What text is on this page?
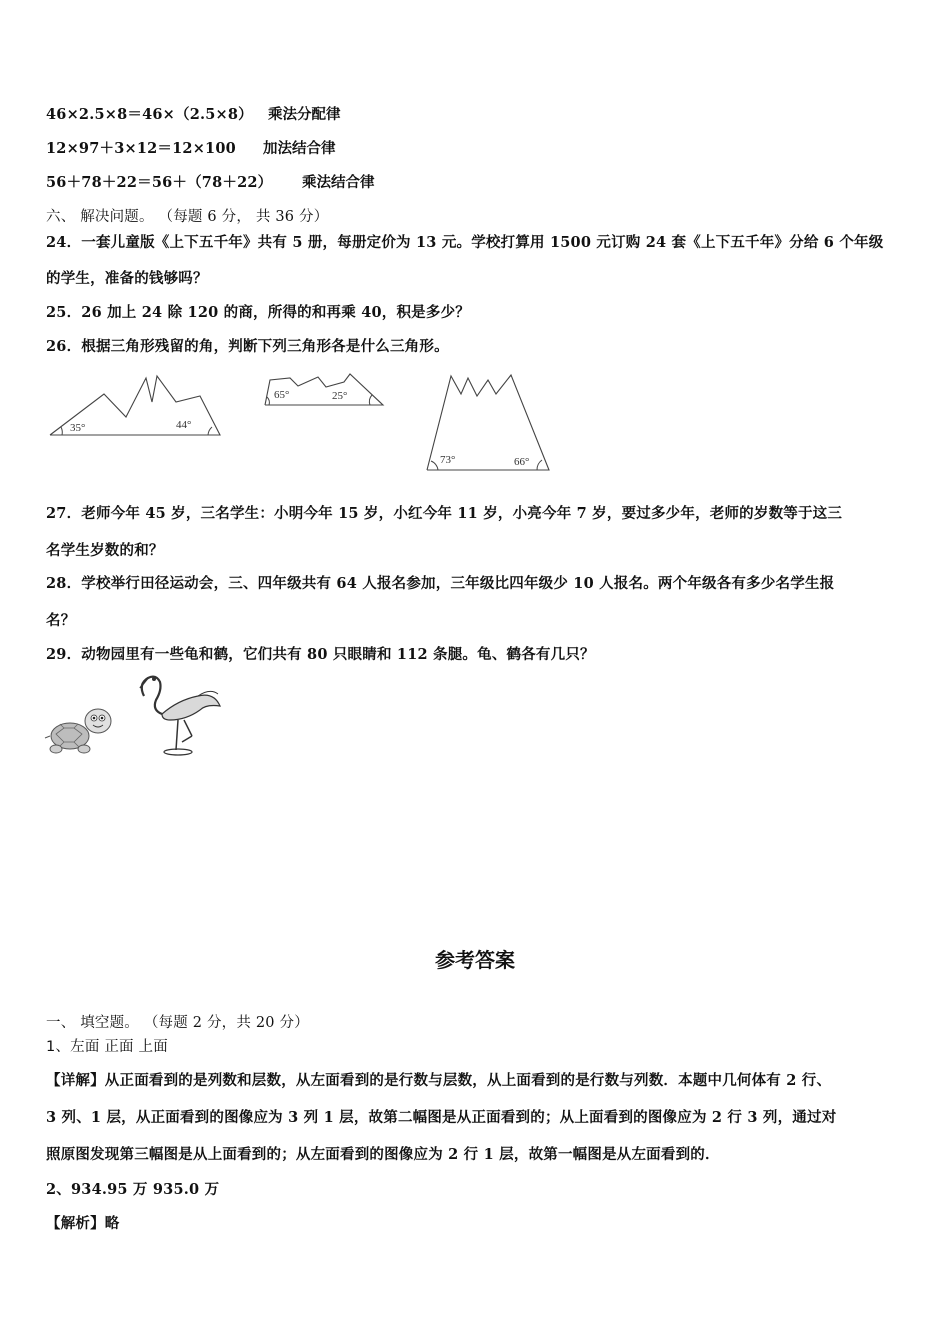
46×2.5×8＝46×（2.5×8） 乘法分配律
12×97＋3×12＝12×100 加法结合律
56＋78＋22＝56＋（78＋22） 乘法结合律
六、 解决问题。 （每题 6 分， 共 36 分）
24．一套儿童版《上下五千年》共有 5 册，每册定价为 13 元。学校打算用 1500 元订购 24 套《上下五千年》分给 6 个年级
的学生，准备的钱够吗？
25．26 加上 24 除 120 的商，所得的和再乘 40，积是多少？
26．根据三角形残留的角，判断下列三角形各是什么三角形。
35°	44°
65°	25°
73°	66°
27．老师今年 45 岁，三名学生：小明今年 15 岁，小红今年 11 岁，小亮今年 7 岁，要过多少年，老师的岁数等于这三
名学生岁数的和？
28．学校举行田径运动会，三、四年级共有 64 人报名参加，三年级比四年级少 10 人报名。两个年级各有多少名学生报
名？
29．动物园里有一些龟和鹤，它们共有 80 只眼睛和 112 条腿。龟、鹤各有几只？
参考答案
一、 填空题。 （每题 2 分，共 20 分）
1、左面 正面 上面
【详解】从正面看到的是列数和层数，从左面看到的是行数与层数，从上面看到的是行数与列数．本题中几何体有 2 行、
3 列、1 层，从正面看到的图像应为 3 列 1 层，故第二幅图是从正面看到的；从上面看到的图像应为 2 行 3 列，通过对
照原图发现第三幅图是从上面看到的；从左面看到的图像应为 2 行 1 层，故第一幅图是从左面看到的．
2、934.95 万 935.0 万
【解析】略
